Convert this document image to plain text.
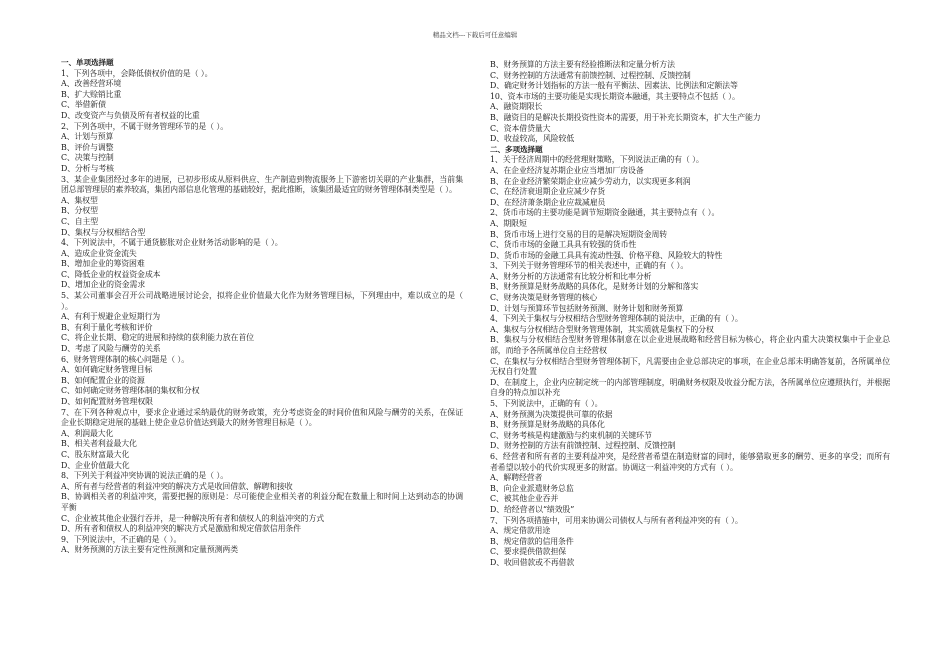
精品文档---下载后可任意编辑
一、单项选择题
1、下列各项中，会降低债权价值的是（ ）。
A、改善经营环境
B、扩大赊销比重
C、举借新债
D、改变资产与负债及所有者权益的比重
2、下列各项中，不属于财务管理环节的是（ ）。
A、计划与预算
B、评价与调整
C、决策与控制
D、分析与考核
3、某企业集团经过多年的进展，已初步形成从原料供应、生产制造到物流服务上下游密切关联的产业集群，当前集团总部管理层的素养较高，集团内部信息化管理的基础较好，据此推断，该集团最适宜的财务管理体制类型是（ ）。
A、集权型
B、分权型
C、自主型
D、集权与分权相结合型
4、下列说法中，不属于通货膨胀对企业财务活动影响的是（ ）。
A、造成企业资金流失
B、增加企业的筹资困难
C、降低企业的权益资金成本
D、增加企业的资金需求
5、某公司董事会召开公司战略进展讨论会，拟将企业价值最大化作为财务管理目标，下列理由中，难以成立的是（ ）。
A、有利于规避企业短期行为
B、有利于量化考核和评价
C、将企业长期、稳定的进展和持续的获利能力放在首位
D、考虑了风险与酬劳的关系
6、财务管理体制的核心问题是（ ）。
A、如何确定财务管理目标
B、如何配置企业的资源
C、如何确定财务管理体制的集权和分权
D、如何配置财务管理权限
7、在下列各种观点中，要求企业通过采纳最优的财务政策，充分考虑资金的时间价值和风险与酬劳的关系，在保证企业长期稳定进展的基础上使企业总价值达到最大的财务管理目标是（ ）。
A、利润最大化
B、相关者利益最大化
C、股东财富最大化
D、企业价值最大化
8、下列关于利益冲突协调的说法正确的是（ ）。
A、所有者与经营者的利益冲突的解决方式是收回借款、解聘和接收
B、协调相关者的利益冲突，需要把握的原则是：尽可能使企业相关者的利益分配在数量上和时间上达到动态的协调平衡
C、企业被其他企业强行吞并，是一种解决所有者和债权人的利益冲突的方式
D、所有者和债权人的利益冲突的解决方式是激励和规定借款信用条件
9、下列说法中，不正确的是（ ）。
A、财务预测的方法主要有定性预测和定量预测两类
B、财务预算的方法主要有经验推断法和定量分析方法
C、财务控制的方法通常有前馈控制、过程控制、反馈控制
D、确定财务计划指标的方法一般有平衡法、因素法、比例法和定额法等
10、资本市场的主要功能是实现长期资本融通，其主要特点不包括（ ）。
A、融资期限长
B、融资目的是解决长期投资性资本的需要，用于补充长期资本，扩大生产能力
C、资本借贷量大
D、收益较高，风险较低
二、多项选择题
1、关于经济周期中的经营理财策略，下列说法正确的有（ ）。
A、在企业经济复苏期企业应当增加厂房设备
B、在企业经济繁荣期企业应减少劳动力，以实现更多利润
C、在经济衰退期企业应减少存货
D、在经济萧条期企业应裁减雇员
2、货币市场的主要功能是调节短期资金融通，其主要特点有（ ）。
A、期限短
B、货币市场上进行交易的目的是解决短期资金周转
C、货币市场的金融工具具有较强的货币性
D、货币市场的金融工具具有流动性强、价格平稳、风险较大的特性
3、下列关于财务管理环节的相关表述中，正确的有（ ）。
A、财务分析的方法通常有比较分析和比率分析
B、财务预算是财务战略的具体化，是财务计划的分解和落实
C、财务决策是财务管理的核心
D、计划与预算环节包括财务预测、财务计划和财务预算
4、下列关于集权与分权相结合型财务管理体制的说法中，正确的有（ ）。
A、集权与分权相结合型财务管理体制，其实质就是集权下的分权
B、集权与分权相结合型财务管理体制意在以企业进展战略和经营目标为核心，将企业内重大决策权集中于企业总部，而给予各所属单位自主经营权
C、在集权与分权相结合型财务管理体制下，凡需要由企业总部决定的事项，在企业总部未明确答复前，各所属单位无权自行处置
D、在制度上，企业内应制定统一的内部管理制度，明确财务权限及收益分配方法，各所属单位应遵照执行，并根据自身的特点加以补充
5、下列说法中，正确的有（ ）。
A、财务预测为决策提供可靠的依据
B、财务预算是财务战略的具体化
C、财务考核是构建激励与约束机制的关键环节
D、财务控制的方法有前馈控制、过程控制、反馈控制
6、经营者和所有者的主要利益冲突，是经营者希望在制造财富的同时，能够猎取更多的酬劳、更多的享受；而所有者希望以较小的代价实现更多的财富。协调这一利益冲突的方式有（ ）。
A、解聘经营者
B、向企业派遣财务总监
C、被其他企业吞并
D、给经营者以“绩效股”
7、下列各项措施中，可用来协调公司债权人与所有者利益冲突的有（ ）。
A、规定借款用途
B、规定借款的信用条件
C、要求提供借款担保
D、收回借款或不再借款
